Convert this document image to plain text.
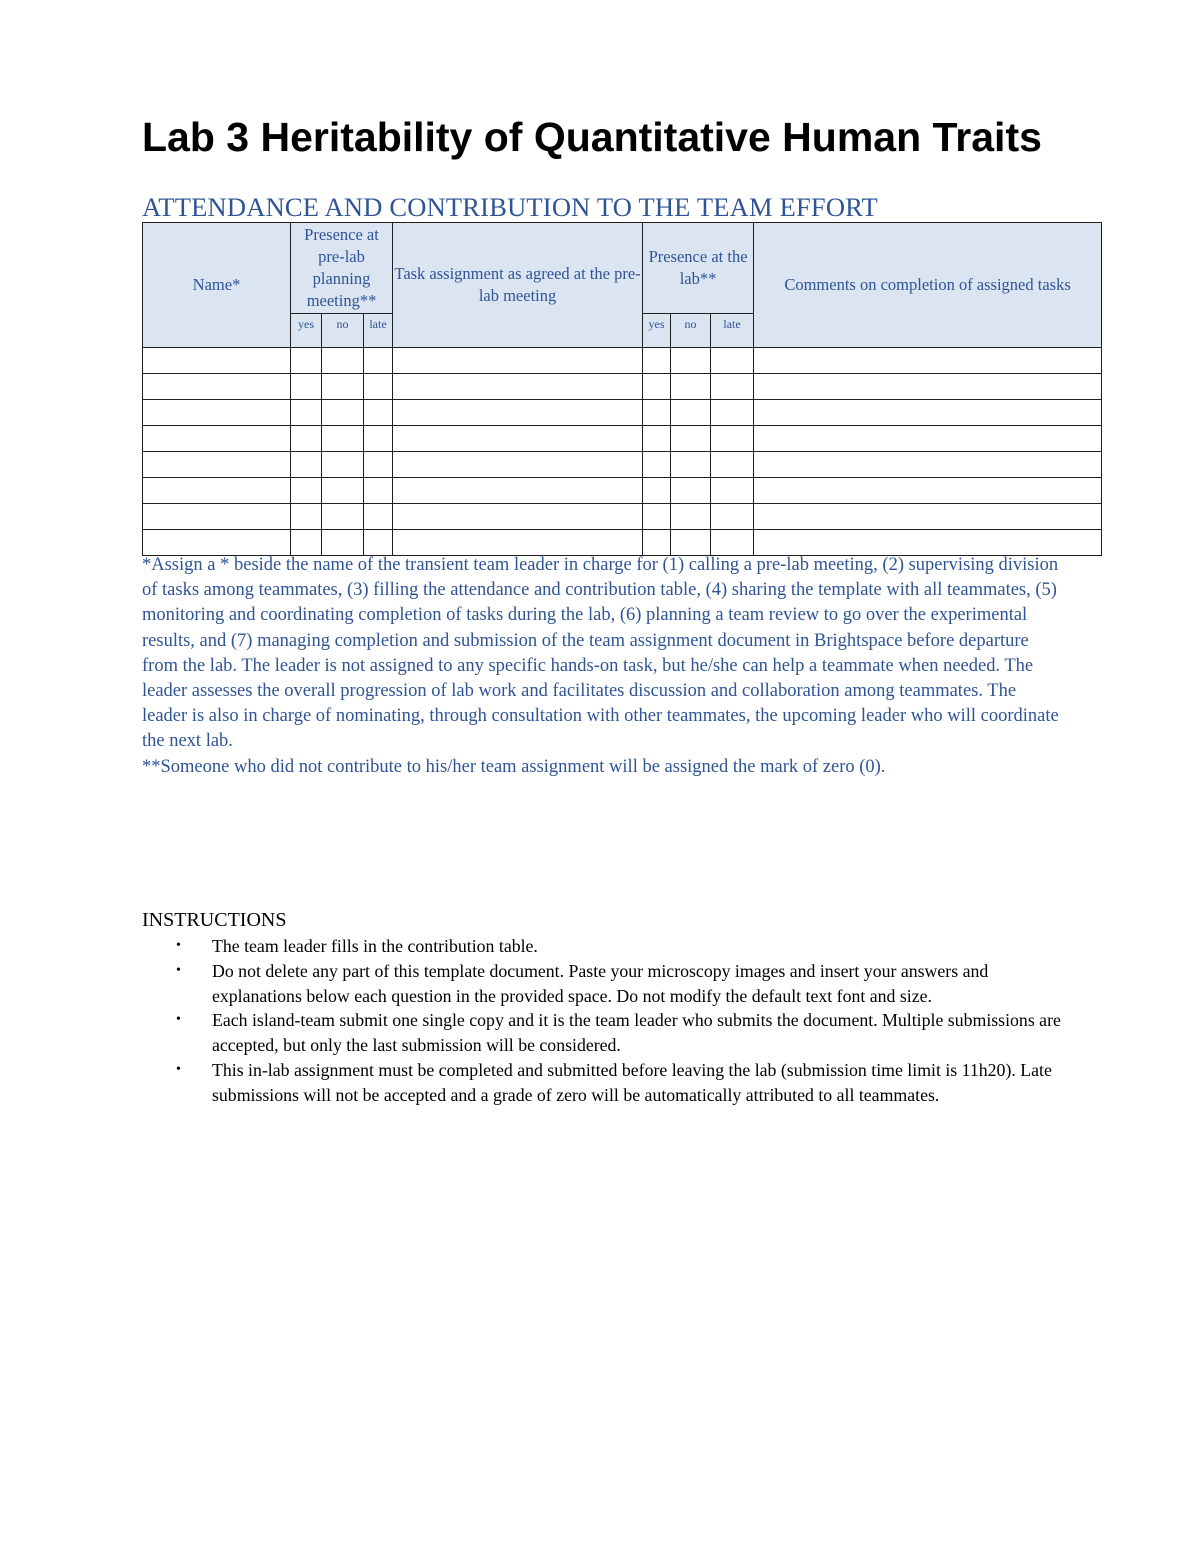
Lab 3 Heritability of Quantitative Human Traits
ATTENDANCE AND CONTRIBUTION TO THE TEAM EFFORT
Name*	Presence at pre-lab planning meeting**			Task assignment as agreed at the pre-lab meeting	Presence at the lab**			Comments on completion of assigned tasks
	yes	no	late		yes	no	late	

*Assign a * beside the name of the transient team leader in charge for (1) calling a pre-lab meeting, (2) supervising division of tasks among teammates, (3) filling the attendance and contribution table, (4) sharing the template with all teammates, (5) monitoring and coordinating completion of tasks during the lab, (6) planning a team review to go over the experimental results, and (7) managing completion and submission of the team assignment document in Brightspace before departure from the lab. The leader is not assigned to any specific hands-on task, but he/she can help a teammate when needed. The leader assesses the overall progression of lab work and facilitates discussion and collaboration among teammates. The leader is also in charge of nominating, through consultation with other teammates, the upcoming leader who will coordinate the next lab.

**Someone who did not contribute to his/her team assignment will be assigned the mark of zero (0).

INSTRUCTIONS
• The team leader fills in the contribution table.
• Do not delete any part of this template document. Paste your microscopy images and insert your answers and explanations below each question in the provided space. Do not modify the default text font and size.
• Each island-team submit one single copy and it is the team leader who submits the document. Multiple submissions are accepted, but only the last submission will be considered.
• This in-lab assignment must be completed and submitted before leaving the lab (submission time limit is 11h20). Late submissions will not be accepted and a grade of zero will be automatically attributed to all teammates.
